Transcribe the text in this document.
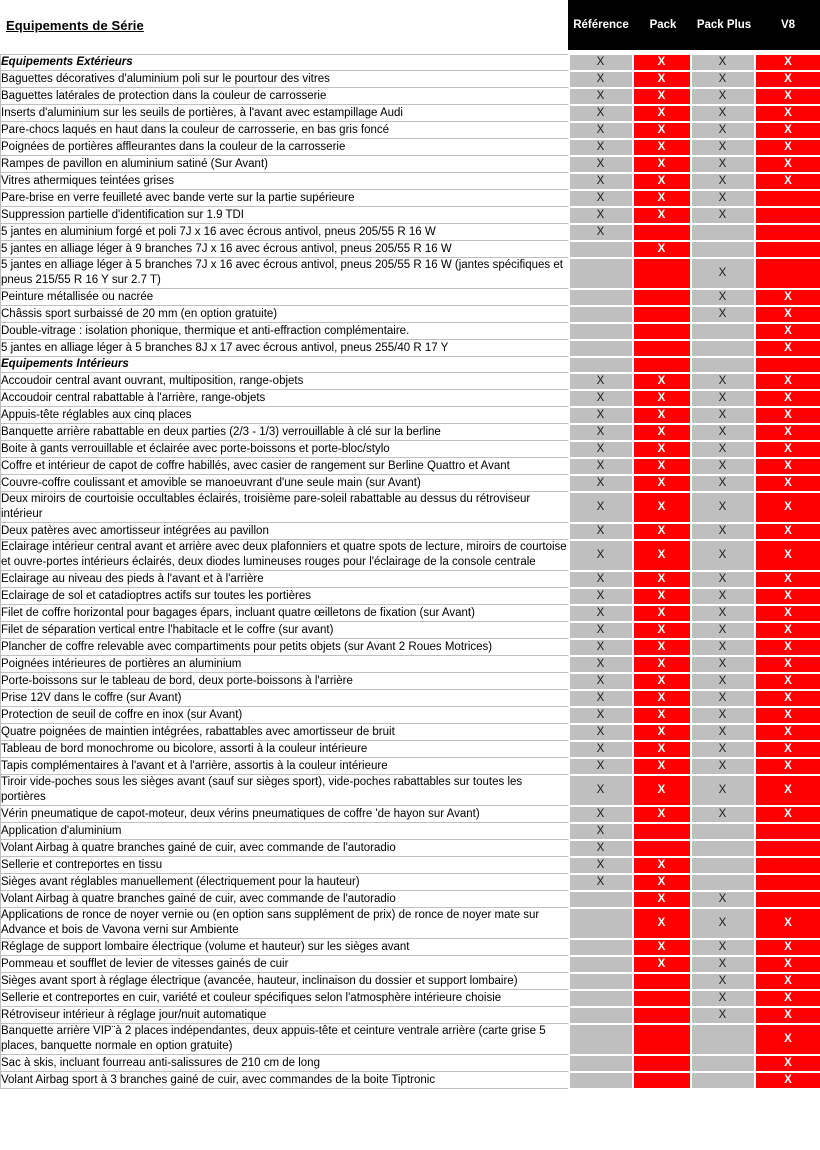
Equipements de Série	Référence	Pack	Pack Plus	V8
Equipements Extérieurs	X	X	X	X
Baguettes décoratives d'aluminium poli sur le pourtour des vitres	X	X	X	X
Baguettes latérales de protection dans la couleur de carrosserie	X	X	X	X
Inserts d'aluminium sur les seuils de portières, à l'avant avec estampillage Audi	X	X	X	X
Pare-chocs laqués en haut dans la couleur de carrosserie, en bas gris foncé	X	X	X	X
Poignées de portières affleurantes dans la couleur de la carrosserie	X	X	X	X
Rampes de pavillon en aluminium satiné (Sur Avant)	X	X	X	X
Vitres athermiques teintées grises	X	X	X	X
Pare-brise en verre feuilleté avec bande verte sur la partie supérieure	X	X	X	
Suppression partielle d'identification sur 1.9 TDI	X	X	X	
5 jantes en aluminium forgé et poli 7J x 16 avec écrous antivol, pneus 205/55 R 16 W	X			
5 jantes en alliage léger à 9 branches 7J x 16 avec écrous antivol, pneus 205/55 R 16 W		X		
5 jantes en alliage léger à 5 branches 7J x 16 avec écrous antivol, pneus 205/55 R 16 W (jantes spécifiques et pneus 215/55 R 16 Y sur 2.7 T)			X	
Peinture métallisée ou nacrée			X	X
Châssis sport surbaissé de 20 mm (en option gratuite)			X	X
Double-vitrage : isolation phonique, thermique et anti-effraction complémentaire.				X
5 jantes en alliage léger à 5 branches 8J x 17 avec écrous antivol, pneus 255/40 R 17 Y				X
Equipements Intérieurs				
Accoudoir central avant ouvrant, multiposition, range-objets	X	X	X	X
Accoudoir central rabattable à l'arrière, range-objets	X	X	X	X
Appuis-tête réglables aux cinq places	X	X	X	X
Banquette arrière rabattable en deux parties (2/3 - 1/3) verrouillable à clé sur la berline	X	X	X	X
Boite à gants verrouillable et éclairée avec porte-boissons et porte-bloc/stylo	X	X	X	X
Coffre et intérieur de capot de coffre habillés, avec casier de rangement sur Berline Quattro et Avant	X	X	X	X
Couvre-coffre coulissant et amovible se manoeuvrant d'une seule main (sur Avant)	X	X	X	X
Deux miroirs de courtoisie occultables éclairés, troisième pare-soleil rabattable au dessus du rétroviseur intérieur	X	X	X	X
Deux patères avec amortisseur intégrées au pavillon	X	X	X	X
Eclairage intérieur central avant et arrière avec deux plafonniers et quatre spots de lecture, miroirs de courtoise et ouvre-portes intérieurs éclairés, deux diodes lumineuses rouges pour l'éclairage de la console centrale	X	X	X	X
Eclairage au niveau des pieds à l'avant et à l'arrière	X	X	X	X
Eclairage de sol et catadioptres actifs sur toutes les portières	X	X	X	X
Filet de coffre horizontal pour bagages épars, incluant quatre œilletons de fixation (sur Avant)	X	X	X	X
Filet de séparation vertical entre l'habitacle et le coffre (sur avant)	X	X	X	X
Plancher de coffre relevable avec compartiments pour petits objets (sur Avant 2 Roues Motrices)	X	X	X	X
Poignées intérieures de portières an aluminium	X	X	X	X
Porte-boissons sur le tableau de bord, deux porte-boissons à l'arrière	X	X	X	X
Prise 12V dans le coffre (sur Avant)	X	X	X	X
Protection de seuil de coffre en inox (sur Avant)	X	X	X	X
Quatre poignées de maintien intégrées, rabattables avec amortisseur de bruit	X	X	X	X
Tableau de bord monochrome ou bicolore, assorti à la couleur intérieure	X	X	X	X
Tapis complémentaires à l'avant et à l'arrière, assortis à la couleur intérieure	X	X	X	X
Tiroir vide-poches sous les sièges avant (sauf sur sièges sport), vide-poches rabattables sur toutes les portières	X	X	X	X
Vérin pneumatique de capot-moteur, deux vérins pneumatiques de coffre 'de hayon sur Avant)	X	X	X	X
Application d'aluminium	X			
Volant Airbag à quatre branches gainé de cuir, avec commande de l'autoradio	X			
Sellerie et contreportes en tissu	X	X		
Sièges avant réglables manuellement (électriquement pour la hauteur)	X	X		
Volant Airbag à quatre branches gainé de cuir, avec commande de l'autoradio		X	X	
Applications de ronce de noyer vernie ou (en option sans supplément de prix) de ronce de noyer mate sur Advance et bois de Vavona verni sur Ambiente		X	X	X
Réglage de support lombaire électrique (volume et hauteur) sur les sièges avant		X	X	X
Pommeau et soufflet de levier de vitesses gainés de cuir		X	X	X
Sièges avant sport à réglage électrique (avancée, hauteur, inclinaison du dossier et support lombaire)			X	X
Sellerie et contreportes en cuir, variété et couleur spécifiques selon l'atmosphère intérieure choisie			X	X
Rétroviseur intérieur à réglage jour/nuit automatique			X	X
Banquette arrière VIP¨à 2 places indépendantes, deux appuis-tête et ceinture ventrale arrière (carte grise 5 places, banquette normale en option gratuite)				X
Sac à skis, incluant fourreau anti-salissures de 210 cm de long				X
Volant Airbag sport à 3 branches gainé de cuir, avec commandes de la boite Tiptronic				X
